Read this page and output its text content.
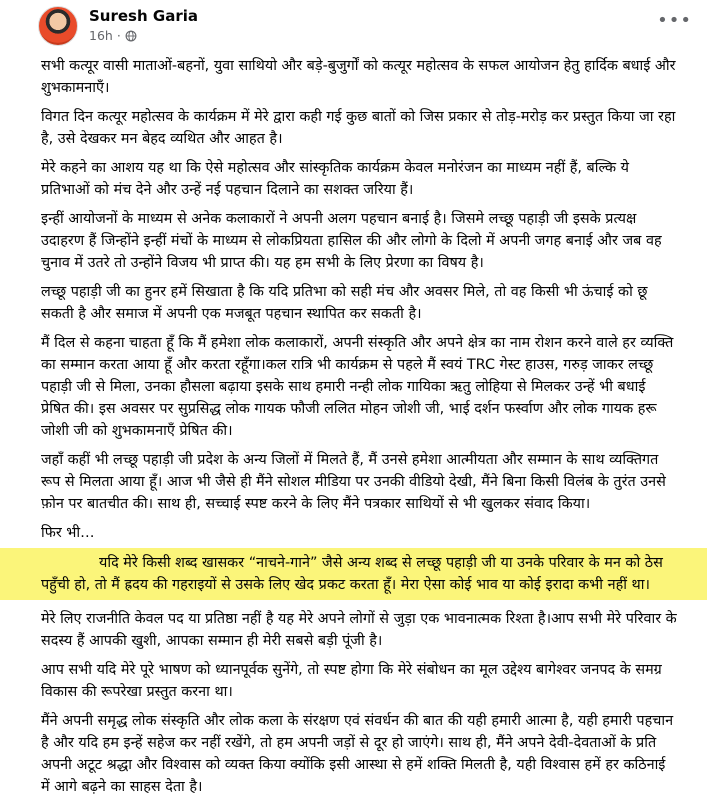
Suresh Garia
16h ·
•••

सभी कत्यूर वासी माताओं-बहनों, युवा साथियो और बड़े-बुजुर्गों को कत्यूर महोत्सव के सफल आयोजन हेतु हार्दिक बधाई और शुभकामनाएँ।

विगत दिन कत्यूर महोत्सव के कार्यक्रम में मेरे द्वारा कही गई कुछ बातों को जिस प्रकार से तोड़-मरोड़ कर प्रस्तुत किया जा रहा है, उसे देखकर मन बेहद व्यथित और आहत है।

मेरे कहने का आशय यह था कि ऐसे महोत्सव और सांस्कृतिक कार्यक्रम केवल मनोरंजन का माध्यम नहीं हैं, बल्कि ये प्रतिभाओं को मंच देने और उन्हें नई पहचान दिलाने का सशक्त जरिया हैं।

इन्हीं आयोजनों के माध्यम से अनेक कलाकारों ने अपनी अलग पहचान बनाई है। जिसमे लच्छू पहाड़ी जी इसके प्रत्यक्ष उदाहरण हैं जिन्होंने इन्हीं मंचों के माध्यम से लोकप्रियता हासिल की और लोगो के दिलो में अपनी जगह बनाई और जब वह चुनाव में उतरे तो उन्होंने विजय भी प्राप्त की। यह हम सभी के लिए प्रेरणा का विषय है।

लच्छू पहाड़ी जी का हुनर हमें सिखाता है कि यदि प्रतिभा को सही मंच और अवसर मिले, तो वह किसी भी ऊंचाई को छू सकती है और समाज में अपनी एक मजबूत पहचान स्थापित कर सकती है।

मैं दिल से कहना चाहता हूँ कि मैं हमेशा लोक कलाकारों, अपनी संस्कृति और अपने क्षेत्र का नाम रोशन करने वाले हर व्यक्ति का सम्मान करता आया हूँ और करता रहूँगा।कल रात्रि भी कार्यक्रम से पहले मैं स्वयं TRC गेस्ट हाउस, गरुड़ जाकर लच्छू पहाड़ी जी से मिला, उनका हौसला बढ़ाया इसके साथ हमारी नन्ही लोक गायिका ऋतु लोहिया से मिलकर उन्हें भी बधाई प्रेषित की। इस अवसर पर सुप्रसिद्ध लोक गायक फौजी ललित मोहन जोशी जी, भाई दर्शन फर्स्वाण और लोक गायक हरू जोशी जी को शुभकामनाएँ प्रेषित की।

जहाँ कहीं भी लच्छू पहाड़ी जी प्रदेश के अन्य जिलों में मिलते हैं, मैं उनसे हमेशा आत्मीयता और सम्मान के साथ व्यक्तिगत रूप से मिलता आया हूँ। आज भी जैसे ही मैंने सोशल मीडिया पर उनकी वीडियो देखी, मैंने बिना किसी विलंब के तुरंत उनसे फ़ोन पर बातचीत की। साथ ही, सच्चाई स्पष्ट करने के लिए मैंने पत्रकार साथियों से भी खुलकर संवाद किया।

फिर भी…

यदि मेरे किसी शब्द खासकर “नाचने-गाने” जैसे अन्य शब्द से लच्छू पहाड़ी जी या उनके परिवार के मन को ठेस पहुँची हो, तो मैं ह्रदय की गहराइयों से उसके लिए खेद प्रकट करता हूँ। मेरा ऐसा कोई भाव या कोई इरादा कभी नहीं था।

मेरे लिए राजनीति केवल पद या प्रतिष्ठा नहीं है यह मेरे अपने लोगों से जुड़ा एक भावनात्मक रिश्ता है।आप सभी मेरे परिवार के सदस्य हैं आपकी खुशी, आपका सम्मान ही मेरी सबसे बड़ी पूंजी है।

आप सभी यदि मेरे पूरे भाषण को ध्यानपूर्वक सुनेंगे, तो स्पष्ट होगा कि मेरे संबोधन का मूल उद्देश्य बागेश्वर जनपद के समग्र विकास की रूपरेखा प्रस्तुत करना था।

मैंने अपनी समृद्ध लोक संस्कृति और लोक कला के संरक्षण एवं संवर्धन की बात की यही हमारी आत्मा है, यही हमारी पहचान है और यदि हम इन्हें सहेज कर नहीं रखेंगे, तो हम अपनी जड़ों से दूर हो जाएंगे। साथ ही, मैंने अपने देवी-देवताओं के प्रति अपनी अटूट श्रद्धा और विश्वास को व्यक्त किया क्योंकि इसी आस्था से हमें शक्ति मिलती है, यही विश्वास हमें हर कठिनाई में आगे बढ़ने का साहस देता है।
